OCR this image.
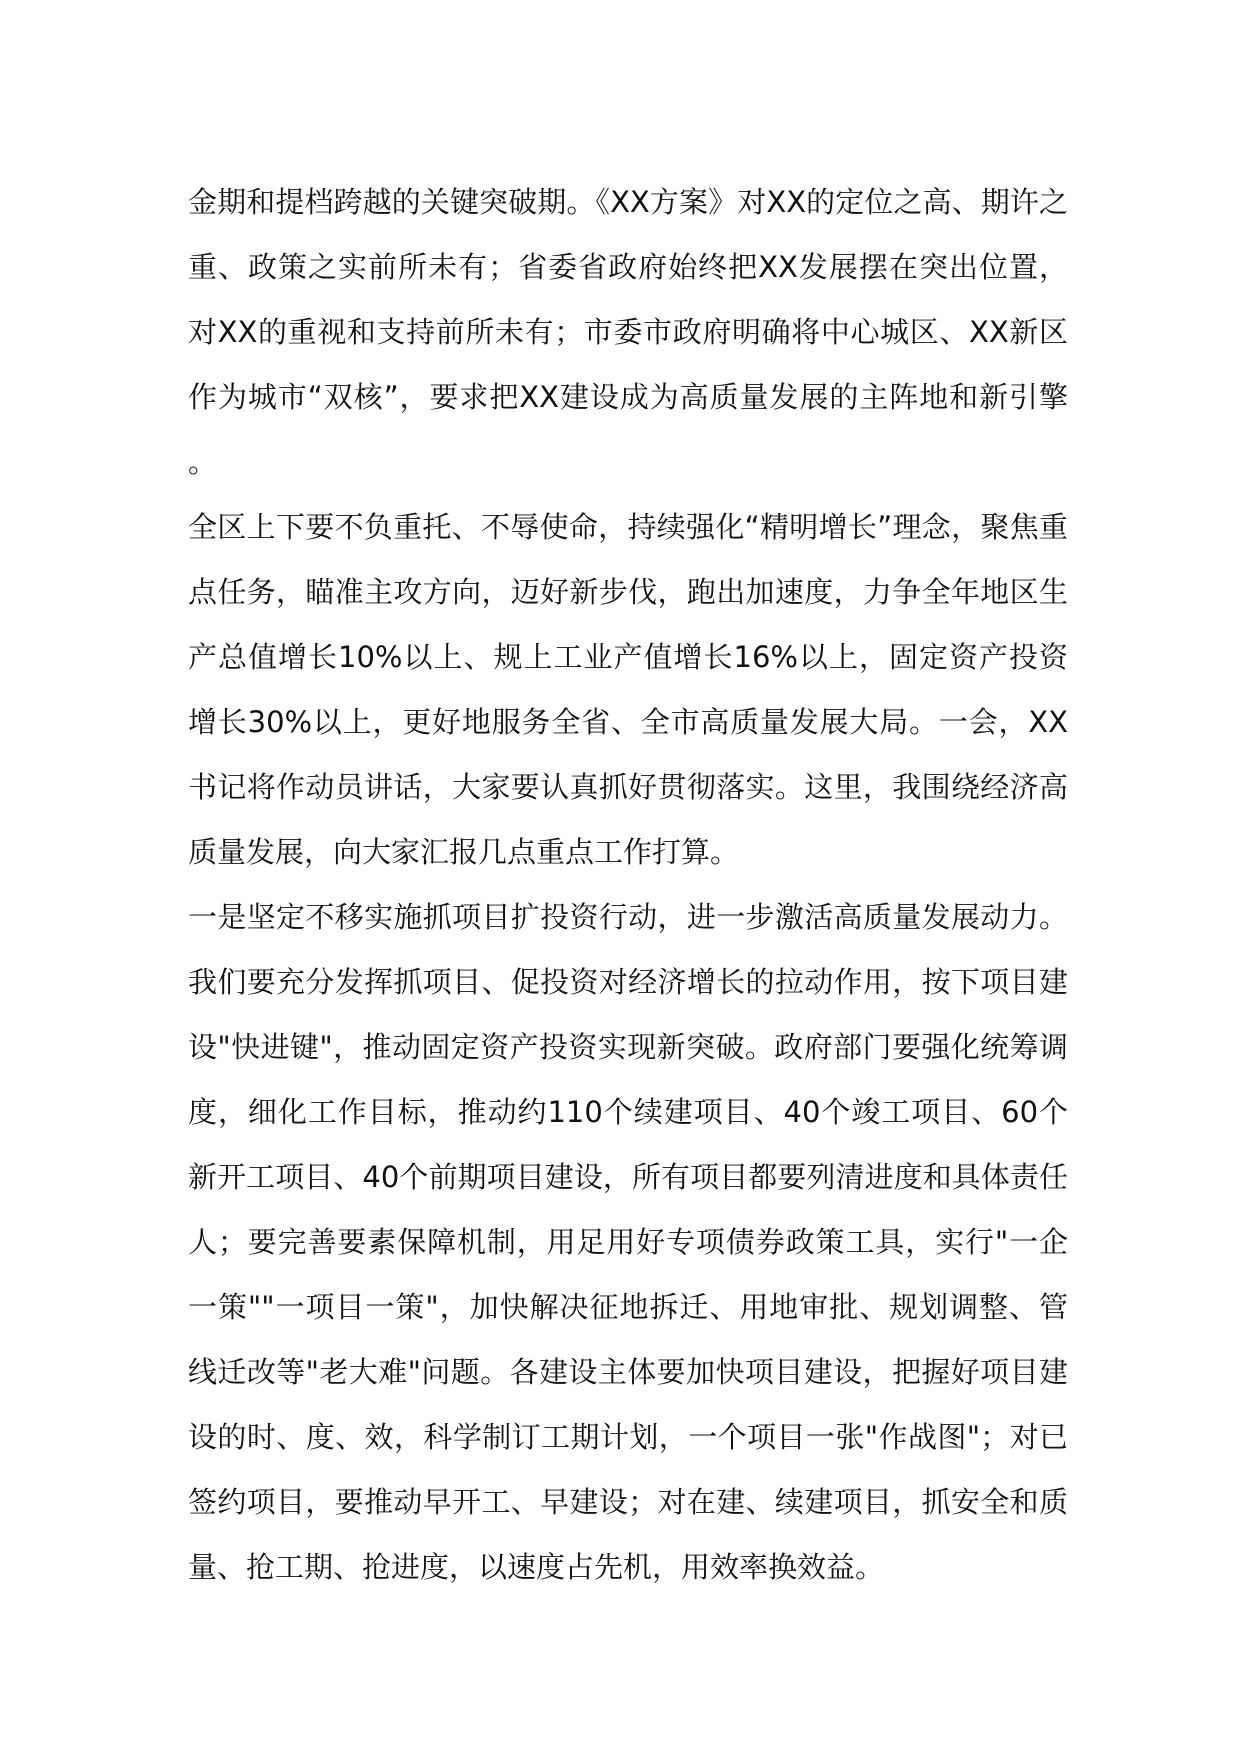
金期和提档跨越的关键突破期。《XX方案》对XX的定位之高、期许之重、政策之实前所未有；省委省政府始终把XX发展摆在突出位置，对XX的重视和支持前所未有；市委市政府明确将中心城区、XX新区作为城市“双核”，要求把XX建设成为高质量发展的主阵地和新引擎。

全区上下要不负重托、不辱使命，持续强化“精明增长”理念，聚焦重点任务，瞄准主攻方向，迈好新步伐，跑出加速度，力争全年地区生产总值增长10%以上、规上工业产值增长16%以上，固定资产投资增长30%以上，更好地服务全省、全市高质量发展大局。一会，XX书记将作动员讲话，大家要认真抓好贯彻落实。这里，我围绕经济高质量发展，向大家汇报几点重点工作打算。

一是坚定不移实施抓项目扩投资行动，进一步激活高质量发展动力。我们要充分发挥抓项目、促投资对经济增长的拉动作用，按下项目建设"快进键"，推动固定资产投资实现新突破。政府部门要强化统筹调度，细化工作目标，推动约110个续建项目、40个竣工项目、60个新开工项目、40个前期项目建设，所有项目都要列清进度和具体责任人；要完善要素保障机制，用足用好专项债券政策工具，实行"一企一策""一项目一策"，加快解决征地拆迁、用地审批、规划调整、管线迁改等"老大难"问题。各建设主体要加快项目建设，把握好项目建设的时、度、效，科学制订工期计划，一个项目一张"作战图"；对已签约项目，要推动早开工、早建设；对在建、续建项目，抓安全和质量、抢工期、抢进度，以速度占先机，用效率换效益。
